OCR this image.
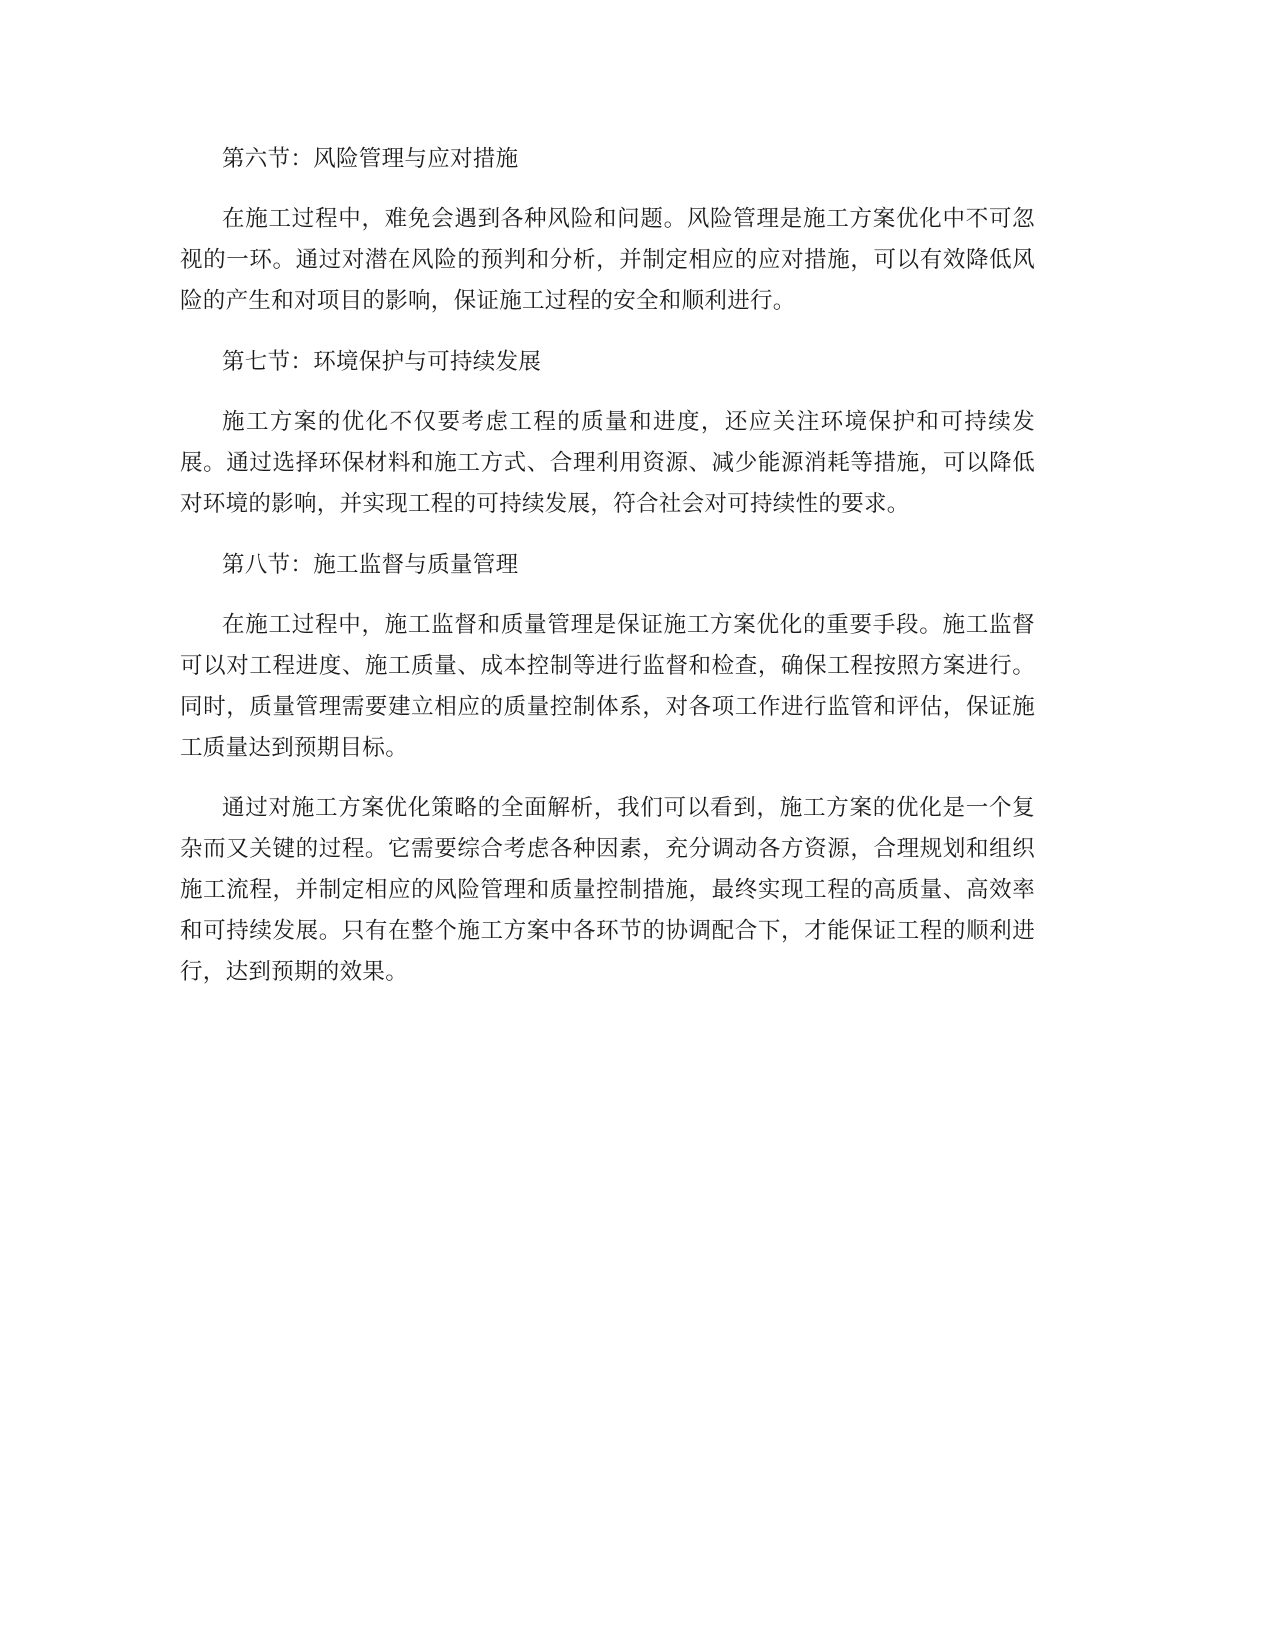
第六节：风险管理与应对措施

在施工过程中，难免会遇到各种风险和问题。风险管理是施工方案优化中不可忽视的一环。通过对潜在风险的预判和分析，并制定相应的应对措施，可以有效降低风险的产生和对项目的影响，保证施工过程的安全和顺利进行。

第七节：环境保护与可持续发展

施工方案的优化不仅要考虑工程的质量和进度，还应关注环境保护和可持续发展。通过选择环保材料和施工方式、合理利用资源、减少能源消耗等措施，可以降低对环境的影响，并实现工程的可持续发展，符合社会对可持续性的要求。

第八节：施工监督与质量管理

在施工过程中，施工监督和质量管理是保证施工方案优化的重要手段。施工监督可以对工程进度、施工质量、成本控制等进行监督和检查，确保工程按照方案进行。同时，质量管理需要建立相应的质量控制体系，对各项工作进行监管和评估，保证施工质量达到预期目标。

通过对施工方案优化策略的全面解析，我们可以看到，施工方案的优化是一个复杂而又关键的过程。它需要综合考虑各种因素，充分调动各方资源，合理规划和组织施工流程，并制定相应的风险管理和质量控制措施，最终实现工程的高质量、高效率和可持续发展。只有在整个施工方案中各环节的协调配合下，才能保证工程的顺利进行，达到预期的效果。
